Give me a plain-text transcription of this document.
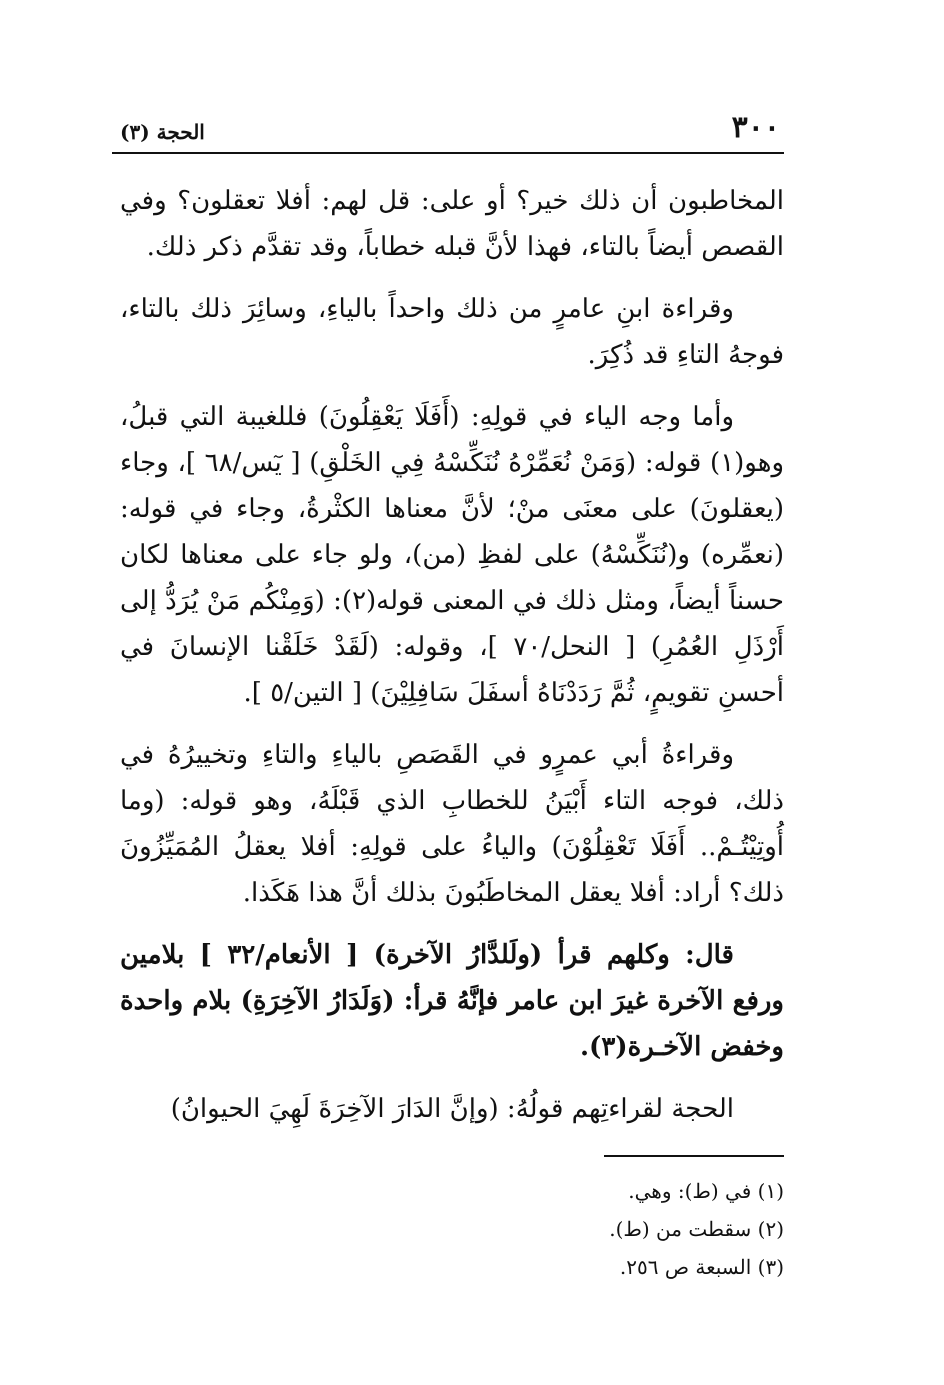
٣٠٠
الحجة (٣)

المخاطبون أن ذلك خير؟ أو على: قل لهم: أفلا تعقلون؟ وفي القصص أيضاً بالتاء، فهذا لأنَّ قبله خطاباً، وقد تقدَّم ذكر ذلك.

وقراءة ابنِ عامرٍ من ذلك واحداً بالياءِ، وسائِرَ ذلك بالتاء، فوجهُ التاءِ قد ذُكِرَ.

وأما وجه الياء في قولِهِ: (أَفَلَا يَعْقِلُونَ) فللغيبة التي قبلُ، وهو(١) قوله: (وَمَنْ نُعَمِّرْهُ نُنَكِّسْهُ فِي الخَلْقِ) [ يٓس/٦٨ ]، وجاء (يعقلونَ) على معنَى منْ؛ لأنَّ معناها الكثْرةُ، وجاء في قوله: (نعمِّره) و(نُنَكِّسْهُ) على لفظِ (من)، ولو جاء على معناها لكان حسناً أيضاً، ومثل ذلك في المعنى قوله(٢): (وَمِنْكُم مَنْ يُرَدُّ إلى أَرْذَلِ العُمُرِ) [ النحل/٧٠ ]، وقوله: (لَقَدْ خَلَقْنا الإنسانَ في أحسنِ تقويمٍ، ثُمَّ رَدَدْنَاهُ أسفَلَ سَافِلِيْنَ) [ التين/٥ ].

وقراءةُ أبي عمرٍو في القَصَصِ بالياءِ والتاءِ وتخييرُهُ في ذلك، فوجه التاء أَبْيَنُ للخطابِ الذي قَبْلَهُ، وهو قوله: (وما أُوتِيْتُـمْ.. أَفَلَا تَعْقِلُوْنَ) والياءُ على قولِهِ: أفلا يعقلُ المُمَيِّزُونَ ذلك؟ أراد: أفلا يعقل المخاطَبُونَ بذلك أنَّ هذا هَكَذا.

قال: وكلهم قرأ (ولَلدَّارُ الآخرة) [ الأنعام/٣٢ ] بلامين ورفع الآخرة غيرَ ابن عامر فإنَّهُ قرأ: (وَلَدَارُ الآخِرَةِ) بلام واحدة وخفض الآخـرة(٣).

الحجة لقراءتِهم قولُهُ: (وإنَّ الدَارَ الآخِرَةَ لَهِيَ الحيوانُ)

(١) في (ط): وهي.

(٢) سقطت من (ط).

(٣) السبعة ص ٢٥٦.
